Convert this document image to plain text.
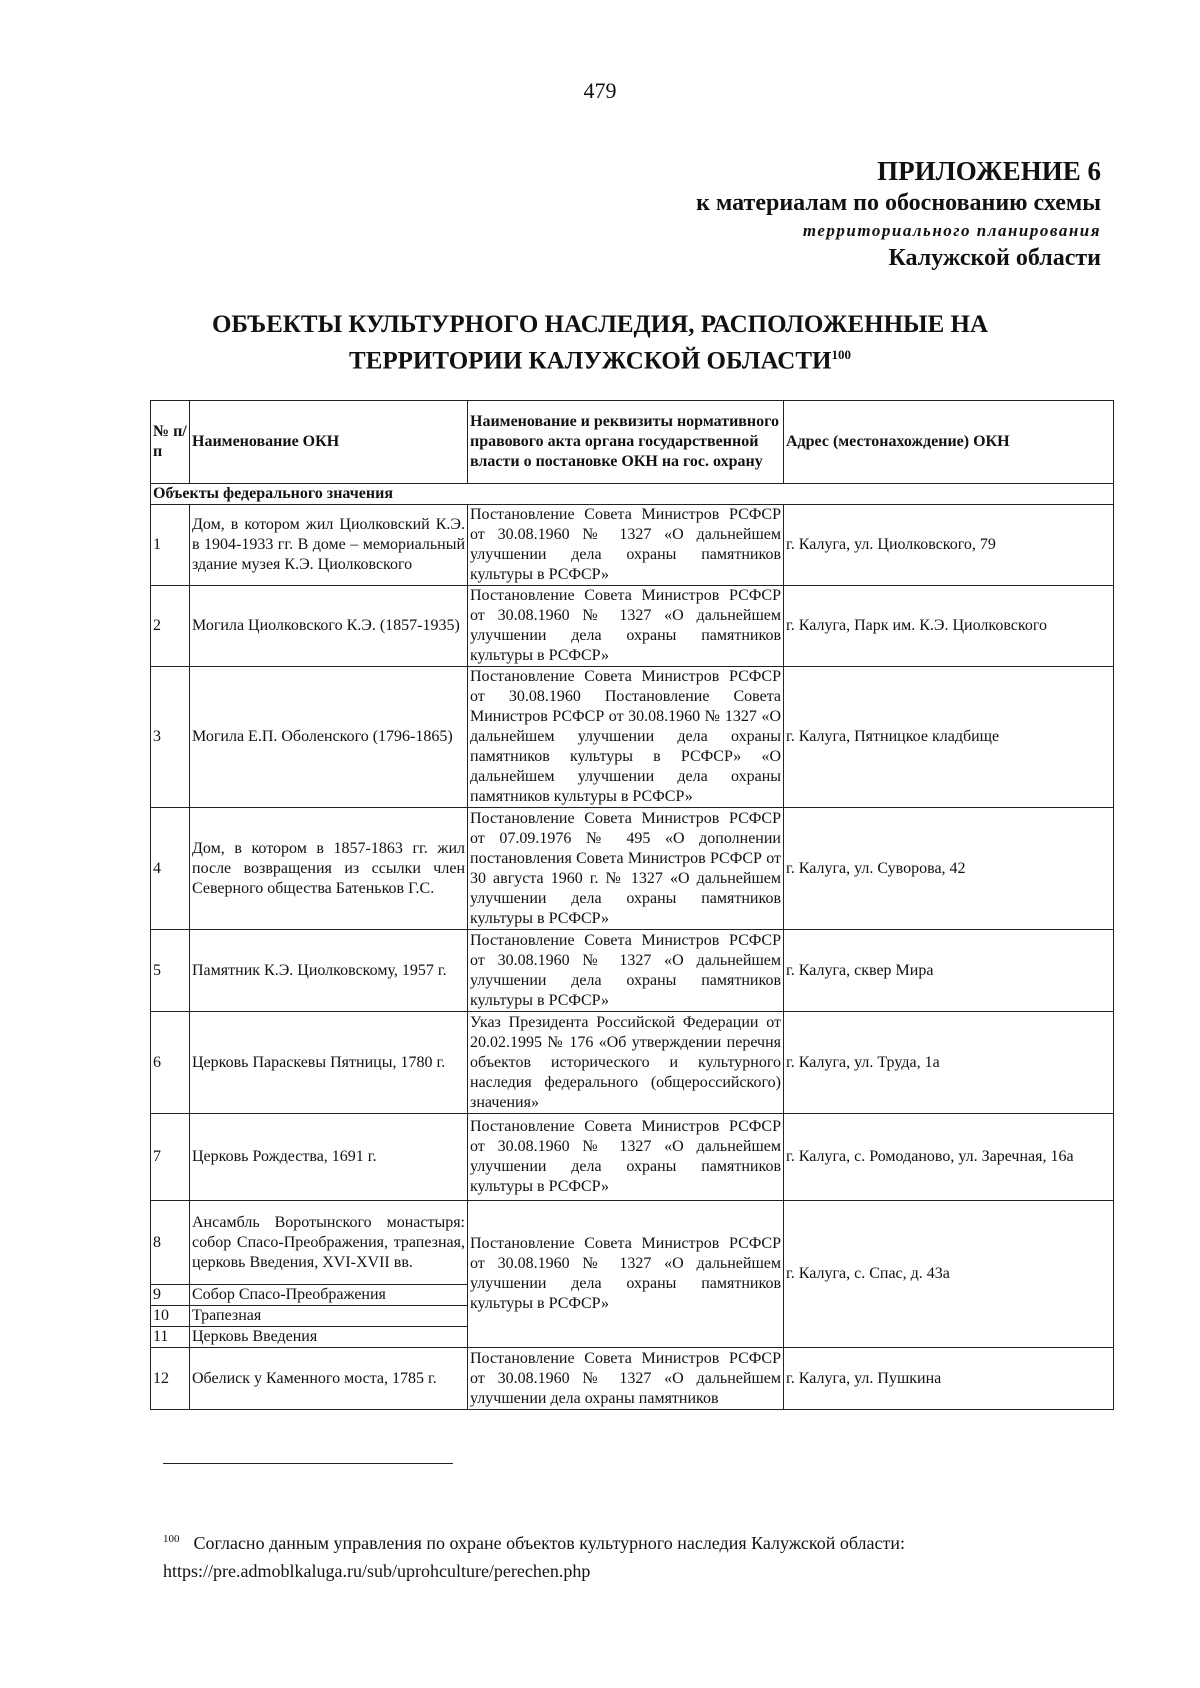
479
ПРИЛОЖЕНИЕ 6
к материалам по обоснованию схемы
территориального планирования
Калужской области
ОБЪЕКТЫ КУЛЬТУРНОГО НАСЛЕДИЯ, РАСПОЛОЖЕННЫЕ НА
ТЕРРИТОРИИ КАЛУЖСКОЙ ОБЛАСТИ$^{100}$
№ п/п	Наименование ОКН	Наименование и реквизиты нормативного правового акта органа государственной власти о постановке ОКН на гос. охрану	Адрес (местонахождение) ОКН
Объекты федерального значения			
1	Дом, в котором жил Циолковский К.Э. в 1904-1933 гг. В доме – мемориальный здание музея К.Э. Циолковского	Постановление Совета Министров РСФСР от 30.08.1960 № 1327 «О дальнейшем улучшении дела охраны памятников культуры в РСФСР»	г. Калуга, ул. Циолковского, 79
2	Могила Циолковского К.Э. (1857-1935)	Постановление Совета Министров РСФСР от 30.08.1960 № 1327 «О дальнейшем улучшении дела охраны памятников культуры в РСФСР»	г. Калуга, Парк им. К.Э. Циолковского
3	Могила Е.П. Оболенского (1796-1865)	Постановление Совета Министров РСФСР от 30.08.1960 Постановление Совета Министров РСФСР от 30.08.1960 № 1327 «О дальнейшем улучшении дела охраны памятников культуры в РСФСР» «О дальнейшем улучшении дела охраны памятников культуры в РСФСР»	г. Калуга, Пятницкое кладбище
4	Дом, в котором в 1857-1863 гг. жил после возвращения из ссылки член Северного общества Батеньков Г.С.	Постановление Совета Министров РСФСР от 07.09.1976 № 495 «О дополнении постановления Совета Министров РСФСР от 30 августа 1960 г. № 1327 «О дальнейшем улучшении дела охраны памятников культуры в РСФСР»	г. Калуга, ул. Суворова, 42
5	Памятник К.Э. Циолковскому, 1957 г.	Постановление Совета Министров РСФСР от 30.08.1960 № 1327 «О дальнейшем улучшении дела охраны памятников культуры в РСФСР»	г. Калуга, сквер Мира
6	Церковь Параскевы Пятницы, 1780 г.	Указ Президента Российской Федерации от 20.02.1995 № 176 «Об утверждении перечня объектов исторического и культурного наследия федерального (общероссийского) значения»	г. Калуга, ул. Труда, 1а
7	Церковь Рождества, 1691 г.	Постановление Совета Министров РСФСР от 30.08.1960 № 1327 «О дальнейшем улучшении дела охраны памятников культуры в РСФСР»	г. Калуга, с. Ромоданово, ул. Заречная, 16а
8	Ансамбль Воротынского монастыря: собор Спасо-Преображения, трапезная, церковь Введения, XVI-XVII вв.	Постановление Совета Министров РСФСР от 30.08.1960 № 1327 «О дальнейшем улучшении дела охраны памятников культуры в РСФСР»	г. Калуга, с. Спас, д. 43а
9	Собор Спасо-Преображения		
10	Трапезная		
11	Церковь Введения		
12	Обелиск у Каменного моста, 1785 г.	Постановление Совета Министров РСФСР от 30.08.1960 № 1327 «О дальнейшем улучшении дела охраны памятников	г. Калуга, ул. Пушкина
$^{100}$ Согласно данным управления по охране объектов культурного наследия Калужской области: https://pre.admoblkaluga.ru/sub/uprohculture/perechen.php
